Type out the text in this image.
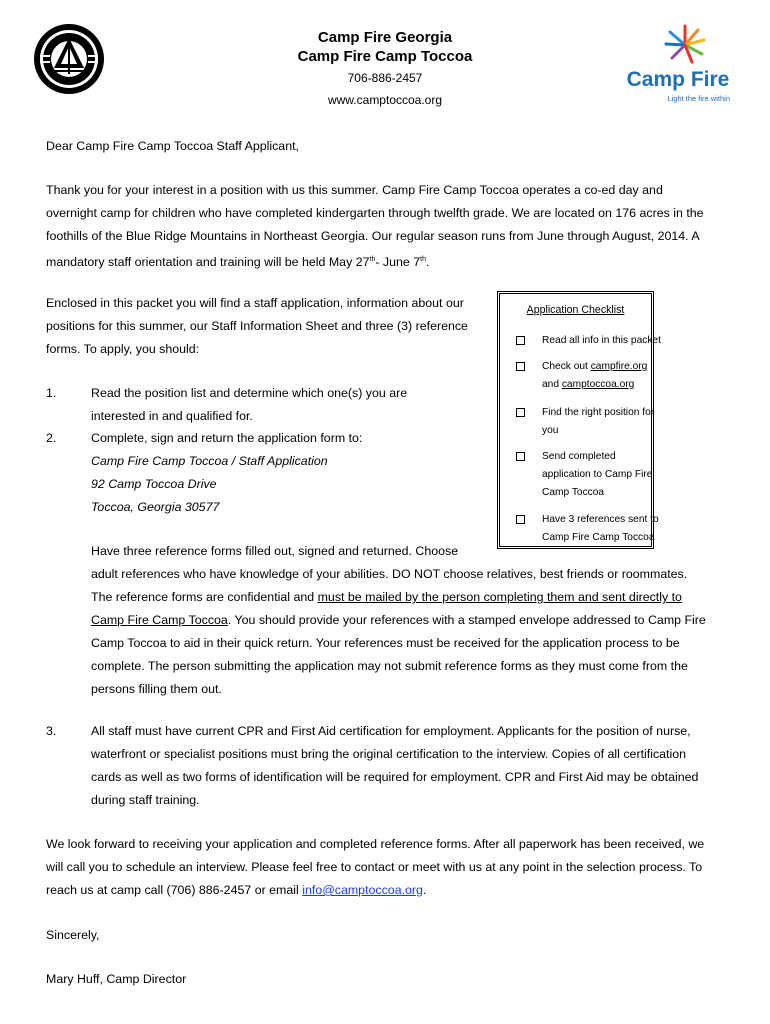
Camp Fire Georgia
Camp Fire Camp Toccoa
706-886-2457
www.camptoccoa.org
Camp Fire
Light the fire within
Dear Camp Fire Camp Toccoa Staff Applicant,
Thank you for your interest in a position with us this summer. Camp Fire Camp Toccoa operates a co-ed day and
overnight camp for children who have completed kindergarten through twelfth grade. We are located on 176 acres in the
foothills of the Blue Ridge Mountains in Northeast Georgia. Our regular season runs from June through August, 2014. A
mandatory staff orientation and training will be held May 27th- June 7th.
Enclosed in this packet you will find a staff application, information about our
positions for this summer, our Staff Information Sheet and three (3) reference
forms. To apply, you should:
1.	Read the position list and determine which one(s) you are
interested in and qualified for.
2.	Complete, sign and return the application form to:
Camp Fire Camp Toccoa / Staff Application
92 Camp Toccoa Drive
Toccoa, Georgia 30577
Have three reference forms filled out, signed and returned. Choose
adult references who have knowledge of your abilities. DO NOT choose relatives, best friends or roommates.
The reference forms are confidential and must be mailed by the person completing them and sent directly to
Camp Fire Camp Toccoa. You should provide your references with a stamped envelope addressed to Camp Fire
Camp Toccoa to aid in their quick return. Your references must be received for the application process to be
complete. The person submitting the application may not submit reference forms as they must come from the
persons filling them out.
3.	All staff must have current CPR and First Aid certification for employment. Applicants for the position of nurse,
waterfront or specialist positions must bring the original certification to the interview. Copies of all certification
cards as well as two forms of identification will be required for employment. CPR and First Aid may be obtained
during staff training.
Application Checklist
Read all info in this packet
Check out campfire.org
and camptoccoa.org
Find the right position for
you
Send completed
application to Camp Fire
Camp Toccoa
Have 3 references sent to
Camp Fire Camp Toccoa
We look forward to receiving your application and completed reference forms. After all paperwork has been received, we
will call you to schedule an interview. Please feel free to contact or meet with us at any point in the selection process. To
reach us at camp call (706) 886-2457 or email info@camptoccoa.org.
Sincerely,
Mary Huff, Camp Director
